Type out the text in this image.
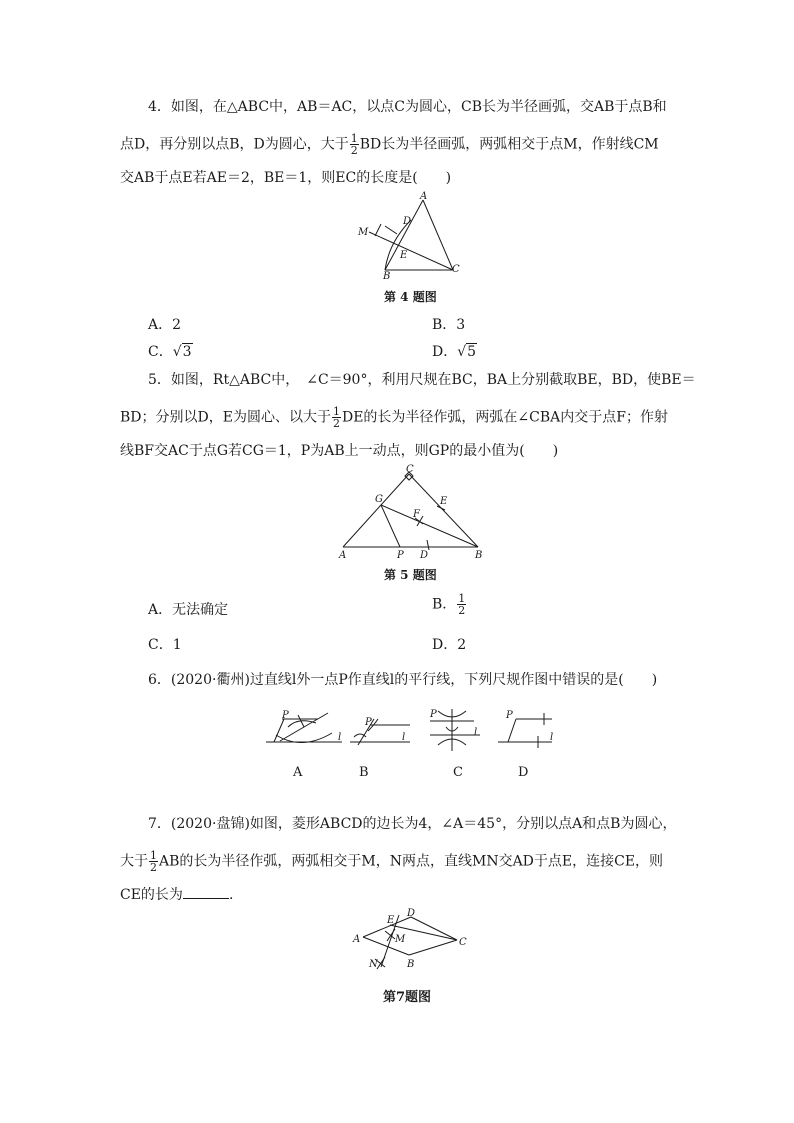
4．如图，在△ABC中，AB＝AC，以点C为圆心，CB长为半径画弧，交AB于点B和
点D，再分别以点B，D为圆心，大于 $\frac{1}{2}$ BD长为半径画弧，两弧相交于点M，作射线CM
交AB于点E若AE＝2，BE＝1，则EC的长度是(　　)
A
D
M
E
B
C
第 4 题图
A．2	B．3
C．√3	D．√5
5．如图，Rt△ABC中，　∠C＝90°，利用尺规在BC，BA上分别截取BE，BD，使BE＝
BD；分别以D，E为圆心、以大于 $\frac{1}{2}$ DE的长为半径作弧，两弧在∠CBA内交于点F；作射
线BF交AC于点G若CG＝1，P为AB上一动点，则GP的最小值为(　　)
C
G	E
F
A	P D	B
第 5 题图
A．无法确定	B． $\frac{1}{2}$
C．1	D．2
6．(2020·衢州)过直线l外一点P作直线l的平行线，下列尺规作图中错误的是(　　)
P
l
P
l
P
l
P
l
A	B	C	D
7．(2020·盘锦)如图，菱形ABCD的边长为4，∠A＝45°，分别以点A和点B为圆心，
大于 $\frac{1}{2}$ AB的长为半径作弧，两弧相交于M，N两点，直线MN交AD于点E，连接CE，则
CE的长为	.
D
E
A	M	C
N	B
第7题图
